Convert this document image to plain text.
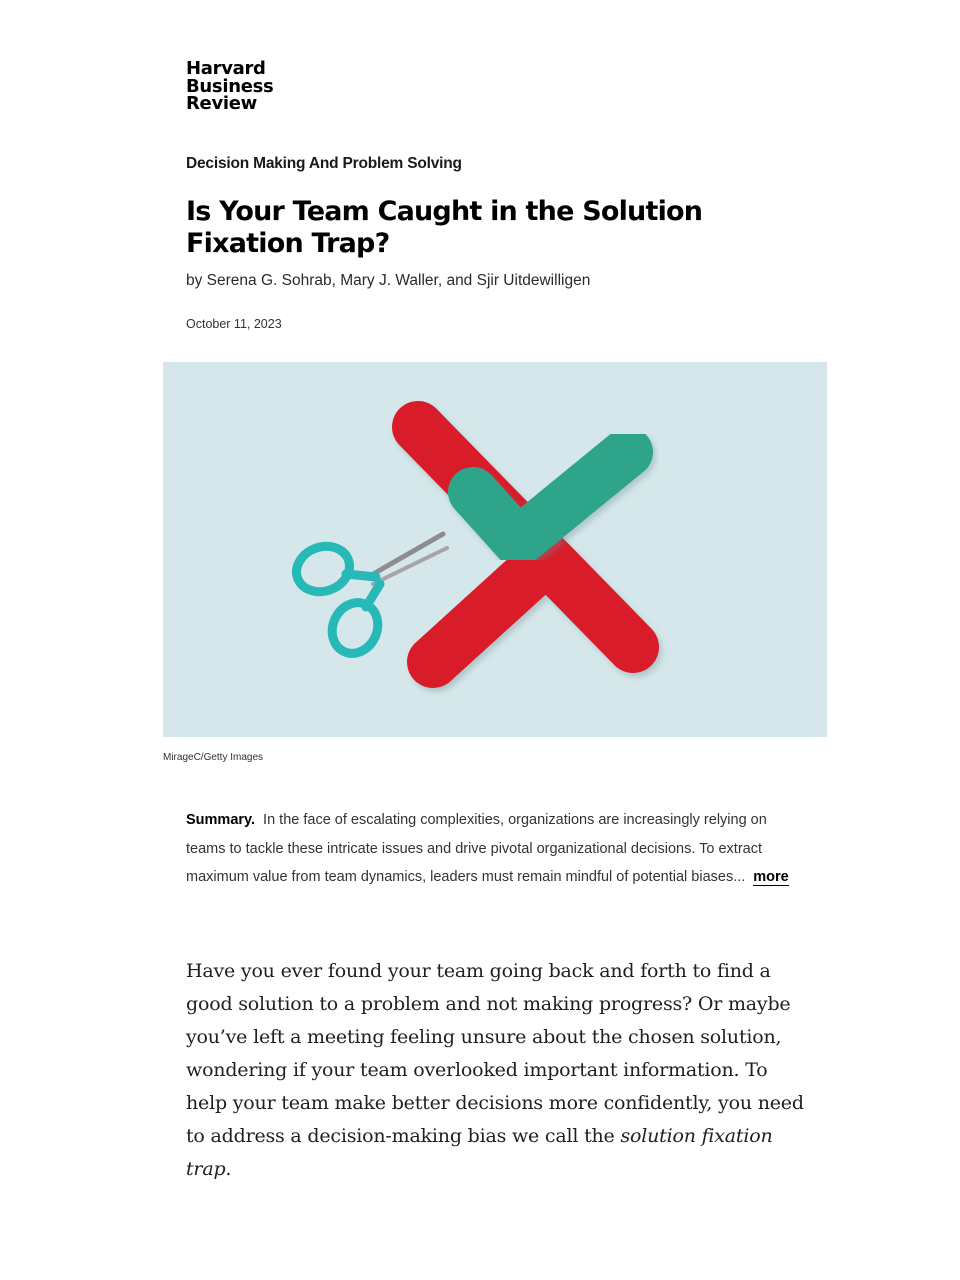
Harvard
Business
Review
Decision Making And Problem Solving
Is Your Team Caught in the Solution Fixation Trap?
by Serena G. Sohrab, Mary J. Waller, and Sjir Uitdewilligen
October 11, 2023
MirageC/Getty Images
Summary. In the face of escalating complexities, organizations are increasingly relying on teams to tackle these intricate issues and drive pivotal organizational decisions. To extract maximum value from team dynamics, leaders must remain mindful of potential biases... more

Have you ever found your team going back and forth to find a good solution to a problem and not making progress? Or maybe you’ve left a meeting feeling unsure about the chosen solution, wondering if your team overlooked important information. To help your team make better decisions more confidently, you need to address a decision-making bias we call the solution fixation trap.
